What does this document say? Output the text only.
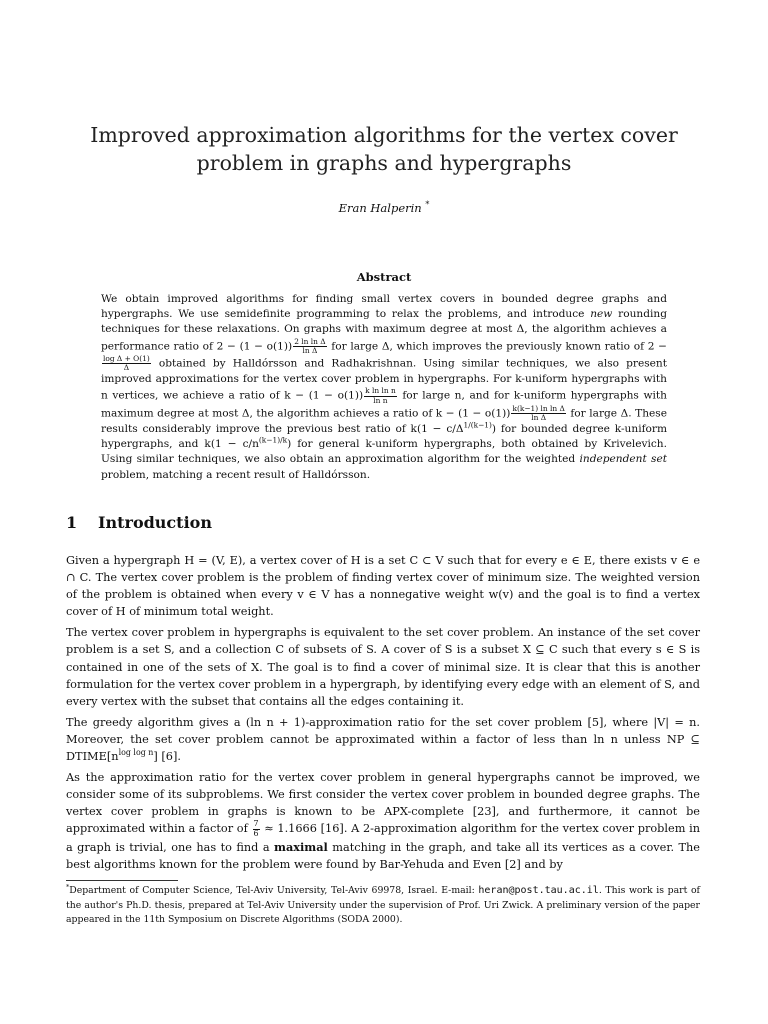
Improved approximation algorithms for the vertex cover problem in graphs and hypergraphs
Eran Halperin *
Abstract

We obtain improved algorithms for finding small vertex covers in bounded degree graphs and hypergraphs. We use semidefinite programming to relax the problems, and introduce new rounding techniques for these relaxations. On graphs with maximum degree at most Δ, the algorithm achieves a performance ratio of $2 - (1 - o(1)) \frac{\text{2 ln ln Δ}}{\text{ln Δ}}$ for large Δ, which improves the previously known ratio of 2 −
$\frac{\text{log Δ + O(1)}}{\Delta}$ obtained by Halldórsson and Radhakrishnan. Using similar techniques, we also present improved approximations for the vertex cover problem in hypergraphs. For k-uniform hypergraphs with n vertices, we achieve a ratio of $k - (1 - o(1)) \frac{\text{k ln ln n}}{\text{ln n}}$ for large n, and for k-uniform hypergraphs with maximum degree at most Δ, the algorithm achieves a ratio of $k - (1 - o(1)) \frac{\text{k(k−1) ln ln Δ}}{\text{ln Δ}}$ for large Δ. These results considerably improve the previous best ratio of $k(1 - c/\Delta^{1/(k-1)})$ for bounded degree k-uniform hypergraphs, and $k(1 - c/n^{(k-1)/k})$ for general k-uniform hypergraphs, both obtained by Krivelevich. Using similar techniques, we also obtain an approximation algorithm for the weighted independent set problem, matching a recent result of Halldórsson.

1 Introduction

Given a hypergraph H = (V, E), a vertex cover of H is a set C ⊂ V such that for every e ∈ E, there exists v ∈ e ∩ C. The vertex cover problem is the problem of finding vertex cover of minimum size. The weighted version of the problem is obtained when every v ∈ V has a nonnegative weight w(v) and the goal is to find a vertex cover of H of minimum total weight.

The vertex cover problem in hypergraphs is equivalent to the set cover problem. An instance of the set cover problem is a set S, and a collection C of subsets of S. A cover of S is a subset X ⊆ C such that every s ∈ S is contained in one of the sets of X. The goal is to find a cover of minimal size. It is clear that this is another formulation for the vertex cover problem in a hypergraph, by identifying every edge with an element of S, and every vertex with the subset that contains all the edges containing it.

The greedy algorithm gives a (ln n + 1)-approximation ratio for the set cover problem [5], where |V| = n. Moreover, the set cover problem cannot be approximated within a factor of less than ln n unless NP ⊆ $DTIME[n^{log log n}]$ [6].

As the approximation ratio for the vertex cover problem in general hypergraphs cannot be improved, we consider some of its subproblems. We first consider the vertex cover problem in bounded degree graphs. The vertex cover problem in graphs is known to be APX-complete [23], and furthermore, it cannot be approximated within a factor of $\frac{7}{6} \approx 1.1666$ [16]. A 2-approximation algorithm for the vertex cover problem in a graph is trivial, one has to find a maximal matching in the graph, and take all its vertices as a cover. The best algorithms known for the problem were found by Bar-Yehuda and Even [2] and by

*Department of Computer Science, Tel-Aviv University, Tel-Aviv 69978, Israel. E-mail: heran@post.tau.ac.il. This work is part of the author's Ph.D. thesis, prepared at Tel-Aviv University under the supervision of Prof. Uri Zwick. A preliminary version of the paper appeared in the 11th Symposium on Discrete Algorithms (SODA 2000).
